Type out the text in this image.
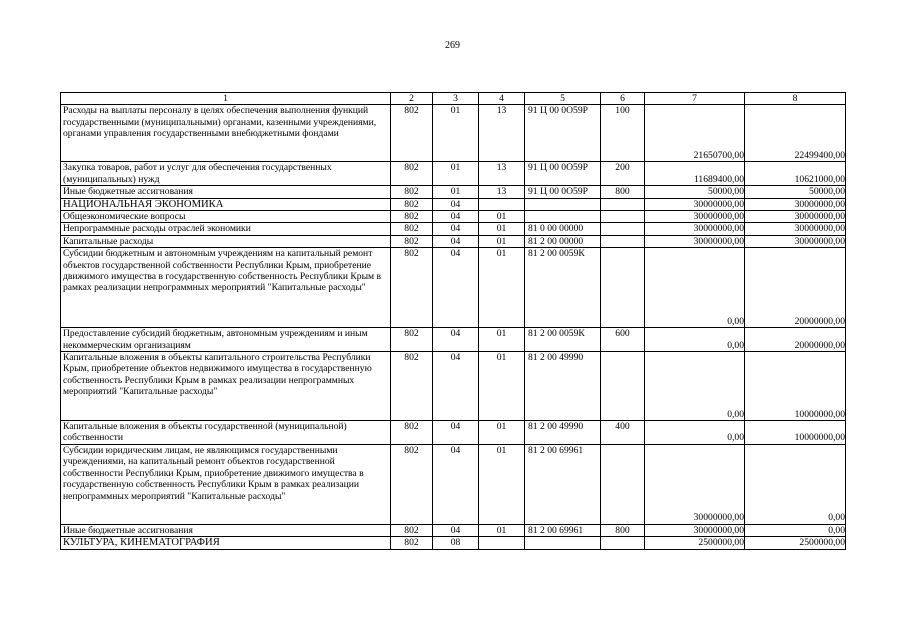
269
1	2	3	4	5	6	7	8
Расходы на выплаты персоналу в целях обеспечения выполнения функций государственными (муниципальными) органами, казенными учреждениями, органами управления государственными внебюджетными фондами	802	01	13	91 Ц 00 0О59Р	100	21650700,00	22499400,00
Закупка товаров, работ и услуг для обеспечения государственных (муниципальных) нужд	802	01	13	91 Ц 00 0О59Р	200	11689400,00	10621000,00
Иные бюджетные ассигнования	802	01	13	91 Ц 00 0О59Р	800	50000,00	50000,00
НАЦИОНАЛЬНАЯ ЭКОНОМИКА	802	04				30000000,00	30000000,00
Общеэкономические вопросы	802	04	01			30000000,00	30000000,00
Непрограммные расходы отраслей экономики	802	04	01	81 0 00 00000		30000000,00	30000000,00
Капитальные расходы	802	04	01	81 2 00 00000		30000000,00	30000000,00
Субсидии бюджетным и автономным учреждениям на капитальный ремонт объектов государственной собственности Республики Крым, приобретение движимого имущества в государственную собственность Республики Крым в рамках реализации непрограммных мероприятий "Капитальные расходы"	802	04	01	81 2 00 0059К		0,00	20000000,00
Предоставление субсидий бюджетным, автономным учреждениям и иным некоммерческим организациям	802	04	01	81 2 00 0059К	600	0,00	20000000,00
Капитальные вложения в объекты капитального строительства Республики Крым, приобретение объектов недвижимого имущества в государственную собственность Республики Крым в рамках реализации непрограммных мероприятий "Капитальные расходы"	802	04	01	81 2 00 49990		0,00	10000000,00
Капитальные вложения в объекты государственной (муниципальной) собственности	802	04	01	81 2 00 49990	400	0,00	10000000,00
Субсидии юридическим лицам, не являющимся государственными учреждениями, на капитальный ремонт объектов государственной собственности Республики Крым, приобретение движимого имущества в государственную собственность Республики Крым в рамках реализации непрограммных мероприятий "Капитальные расходы"	802	04	01	81 2 00 69961		30000000,00	0,00
Иные бюджетные ассигнования	802	04	01	81 2 00 69961	800	30000000,00	0,00
КУЛЬТУРА, КИНЕМАТОГРАФИЯ	802	08				2500000,00	2500000,00
